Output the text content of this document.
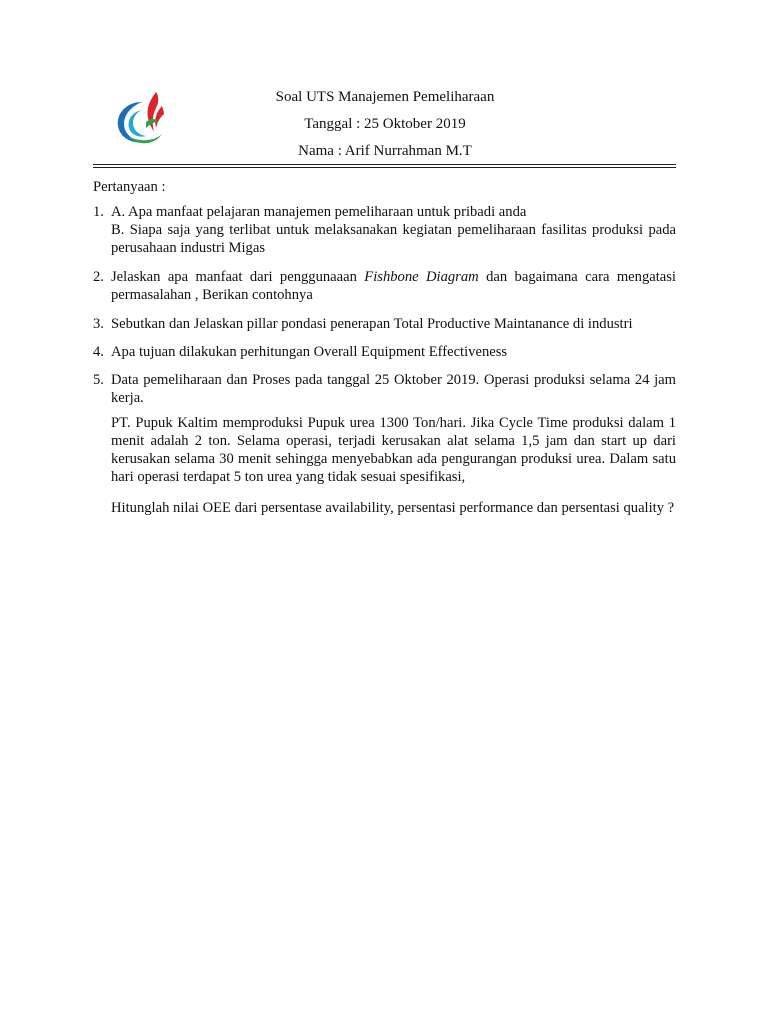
Soal UTS Manajemen Pemeliharaan
Tanggal : 25 Oktober 2019
Nama : Arif Nurrahman M.T
Pertanyaan :
1. A. Apa manfaat pelajaran manajemen pemeliharaan untuk pribadi anda
B. Siapa saja yang terlibat untuk melaksanakan kegiatan pemeliharaan fasilitas produksi pada perusahaan industri Migas
2. Jelaskan apa manfaat dari penggunaaan Fishbone Diagram dan bagaimana cara mengatasi permasalahan , Berikan contohnya
3. Sebutkan dan Jelaskan pillar pondasi penerapan Total Productive Maintanance di industri
4. Apa tujuan dilakukan perhitungan Overall Equipment Effectiveness
5. Data pemeliharaan dan Proses pada tanggal 25 Oktober 2019. Operasi produksi selama 24 jam kerja.
PT. Pupuk Kaltim memproduksi Pupuk urea 1300 Ton/hari. Jika Cycle Time produksi dalam 1 menit adalah 2 ton. Selama operasi, terjadi kerusakan alat selama 1,5 jam dan start up dari kerusakan selama 30 menit sehingga menyebabkan ada pengurangan produksi urea. Dalam satu hari operasi terdapat 5 ton urea yang tidak sesuai spesifikasi,
Hitunglah nilai OEE dari persentase availability, persentasi performance dan persentasi quality ?
